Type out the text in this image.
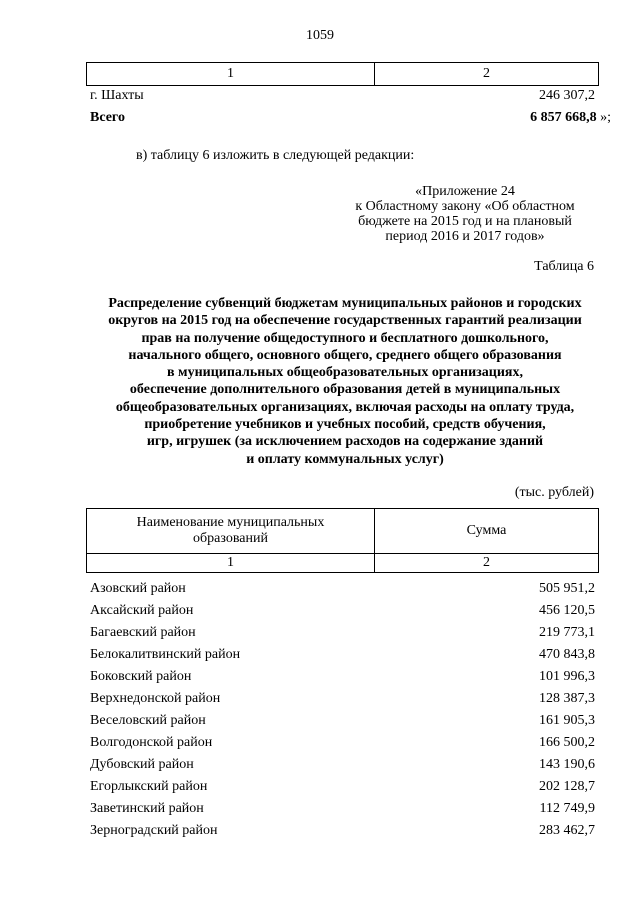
1059
1	2
г. Шахты	246 307,2
Всего	6 857 668,8 »;
в) таблицу 6 изложить в следующей редакции:
«Приложение 24
к Областному закону «Об областном
бюджете на 2015 год и на плановый
период 2016 и 2017 годов»
Таблица 6
Распределение субвенций бюджетам муниципальных районов и городских
округов на 2015 год на обеспечение государственных гарантий реализации
прав на получение общедоступного и бесплатного дошкольного,
начального общего, основного общего, среднего общего образования
в муниципальных общеобразовательных организациях,
обеспечение дополнительного образования детей в муниципальных
общеобразовательных организациях, включая расходы на оплату труда,
приобретение учебников и учебных пособий, средств обучения,
игр, игрушек (за исключением расходов на содержание зданий
и оплату коммунальных услуг)
(тыс. рублей)
Наименование муниципальных
образований	Сумма
1	2
Азовский район	505 951,2
Аксайский район	456 120,5
Багаевский район	219 773,1
Белокалитвинский район	470 843,8
Боковский район	101 996,3
Верхнедонской район	128 387,3
Веселовский район	161 905,3
Волгодонской район	166 500,2
Дубовский район	143 190,6
Егорлыкский район	202 128,7
Заветинский район	112 749,9
Зерноградский район	283 462,7
